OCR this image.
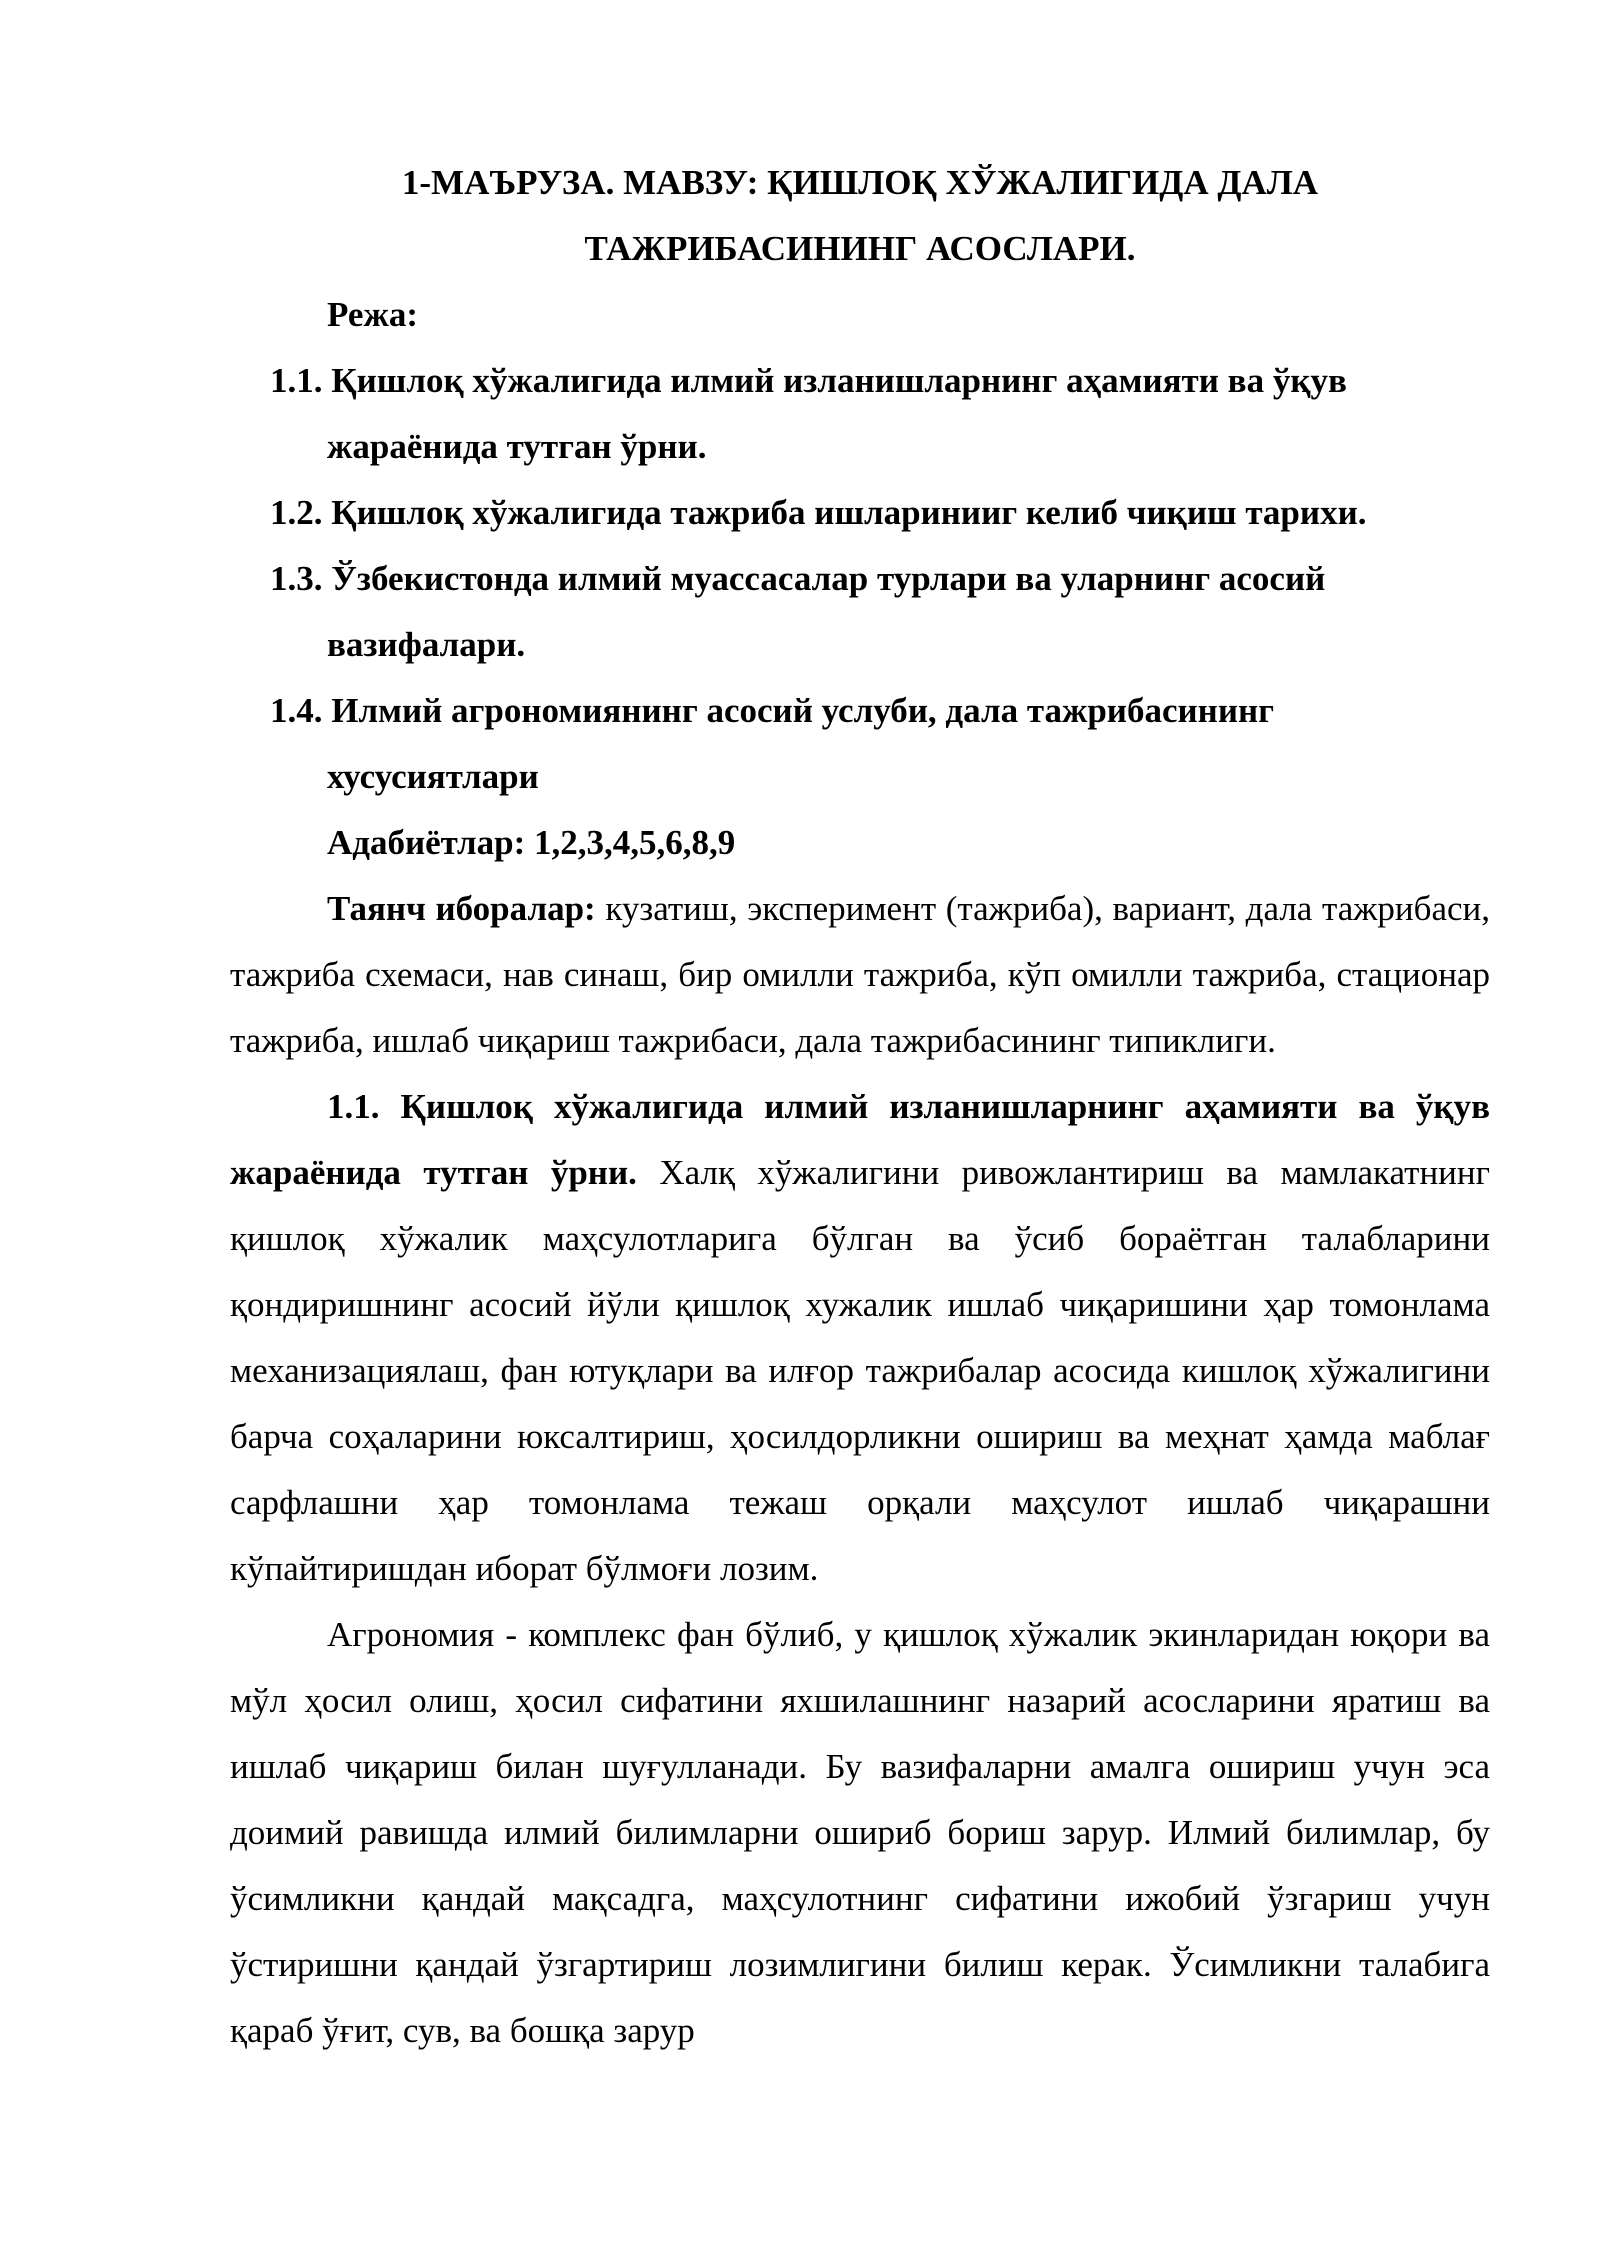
1-МАЪРУЗА. МАВЗУ: ҚИШЛОҚ ХЎЖАЛИГИДА ДАЛА
ТАЖРИБАСИНИНГ АСОСЛАРИ.

Режа:

1.1. Қишлоқ хўжалигида илмий изланишларнинг аҳамияти ва ўқув
жараёнида тутган ўрни.
1.2. Қишлоқ хўжалигида тажриба ишларинииг келиб чиқиш тарихи.
1.3. Ўзбекистонда илмий муассасалар турлари ва уларнинг асосий
вазифалари.
1.4. Илмий агрономиянинг асосий услуби, дала тажрибасининг
хусусиятлари

Адабиётлар: 1,2,3,4,5,6,8,9

Таянч иборалар: кузатиш, эксперимент (тажриба), вариант, дала тажрибаси, тажриба схемаси, нав синаш, бир омилли тажриба, кўп омилли тажриба, стационар тажриба, ишлаб чиқариш тажрибаси, дала тажрибасининг типиклиги.

1.1. Қишлоқ хўжалигида илмий изланишларнинг аҳамияти ва ўқув жараёнида тутган ўрни. Халқ хўжалигини ривожлантириш ва мамлакатнинг қишлоқ хўжалик маҳсулотларига бўлган ва ўсиб бораётган талабларини қондиришнинг асосий йўли қишлоқ хужалик ишлаб чиқаришини ҳар томонлама механизациялаш, фан ютуқлари ва илғор тажрибалар асосида кишлоқ хўжалигини барча соҳаларини юксалтириш, ҳосилдорликни ошириш ва меҳнат ҳамда маблағ сарфлашни ҳар томонлама тежаш орқали маҳсулот ишлаб чиқарашни кўпайтиришдан иборат бўлмоғи лозим.

Агрономия - комплекс фан бўлиб, у қишлоқ хўжалик экинларидан юқори ва мўл ҳосил олиш, ҳосил сифатини яхшилашнинг назарий асосларини яратиш ва ишлаб чиқариш билан шуғулланади. Бу вазифаларни амалга ошириш учун эса доимий равишда илмий билимларни ошириб бориш зарур. Илмий билимлар, бу ўсимликни қандай мақсадга, маҳсулотнинг сифатини ижобий ўзгариш учун ўстиришни қандай ўзгартириш лозимлигини билиш керак. Ўсимликни талабига қараб ўғит, сув, ва бошқа зарур
